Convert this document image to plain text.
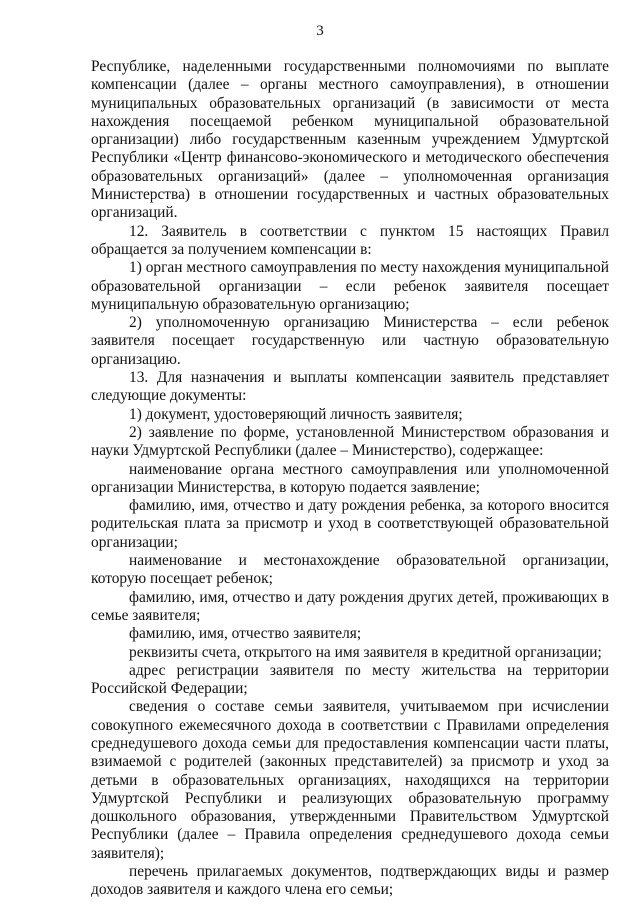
3

Республике, наделенными государственными полномочиями по выплате компенсации (далее – органы местного самоуправления), в отношении муниципальных образовательных организаций (в зависимости от места нахождения посещаемой ребенком муниципальной образовательной организации) либо государственным казенным учреждением Удмуртской Республики «Центр финансово-экономического и методического обеспечения образовательных организаций» (далее – уполномоченная организация Министерства) в отношении государственных и частных образовательных организаций.

12. Заявитель в соответствии с пунктом 15 настоящих Правил обращается за получением компенсации в:

1) орган местного самоуправления по месту нахождения муниципальной образовательной организации – если ребенок заявителя посещает муниципальную образовательную организацию;

2) уполномоченную организацию Министерства – если ребенок заявителя посещает государственную или частную образовательную организацию.

13. Для назначения и выплаты компенсации заявитель представляет следующие документы:

1) документ, удостоверяющий личность заявителя;

2) заявление по форме, установленной Министерством образования и науки Удмуртской Республики (далее – Министерство), содержащее:

наименование органа местного самоуправления или уполномоченной организации Министерства, в которую подается заявление;

фамилию, имя, отчество и дату рождения ребенка, за которого вносится родительская плата за присмотр и уход в соответствующей образовательной организации;

наименование и местонахождение образовательной организации, которую посещает ребенок;

фамилию, имя, отчество и дату рождения других детей, проживающих в семье заявителя;

фамилию, имя, отчество заявителя;

реквизиты счета, открытого на имя заявителя в кредитной организации;

адрес регистрации заявителя по месту жительства на территории Российской Федерации;

сведения о составе семьи заявителя, учитываемом при исчислении совокупного ежемесячного дохода в соответствии с Правилами определения среднедушевого дохода семьи для предоставления компенсации части платы, взимаемой с родителей (законных представителей) за присмотр и уход за детьми в образовательных организациях, находящихся на территории Удмуртской Республики и реализующих образовательную программу дошкольного образования, утвержденными Правительством Удмуртской Республики (далее – Правила определения среднедушевого дохода семьи заявителя);

перечень прилагаемых документов, подтверждающих виды и размер доходов заявителя и каждого члена его семьи;
